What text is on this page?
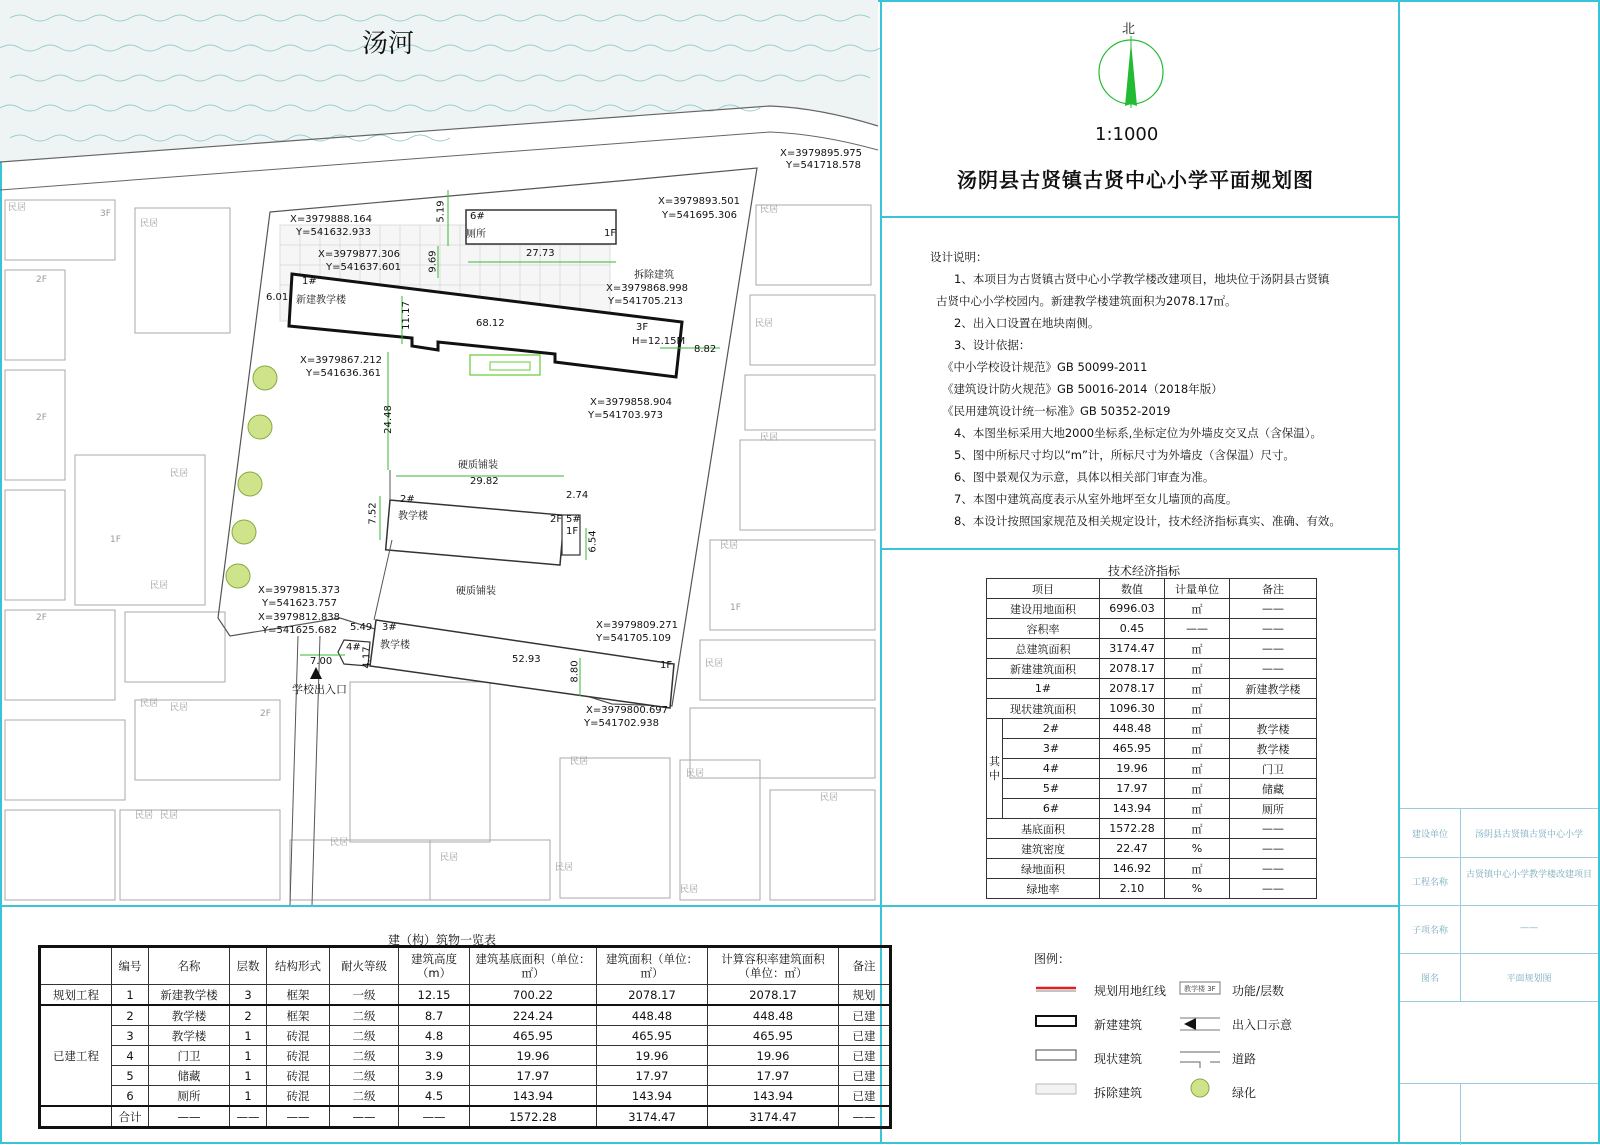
汤河
民居
民居
3F
2F
2F
民居
1F
民居
2F
民居 民居
2F
民居 民居
民居
民居
民居
民居
民居
民居
民居
民居
民居
1F
民居
民居
民居
6#
厕所	1F
1#
新建教学楼
3F
H=12.15M
拆除建筑
硬质铺装
硬质铺装
2#
教学楼	2F 5#
1F
3#
教学楼
1F
4#
学校出入口
5.19
27.73
9.69
6.01
11.17	68.12
8.82
24.48
29.82
2.74
7.52
6.54
5.49
7.00	4.17	52.93
8.80
X=3979895.975
Y=541718.578
X=3979893.501
Y=541695.306
X=3979888.164
Y=541632.933
X=3979877.306
Y=541637.601
X=3979868.998
Y=541705.213
X=3979867.212
Y=541636.361
X=3979858.904
Y=541703.973
X=3979815.373
Y=541623.757
X=3979812.838
Y=541625.682	X=3979809.271
Y=541705.109
X=3979800.697
Y=541702.938
北
1:1000
汤阴县古贤镇古贤中心小学平面规划图
设计说明：
1、本项目为古贤镇古贤中心小学教学楼改建项目，地块位于汤阴县古贤镇
古贤中心小学校园内。新建教学楼建筑面积为2078.17㎡。
2、出入口设置在地块南侧。
3、设计依据：
《中小学校设计规范》GB 50099-2011
《建筑设计防火规范》GB 50016-2014（2018年版）
《民用建筑设计统一标准》GB 50352-2019
4、本图坐标采用大地2000坐标系,坐标定位为外墙皮交叉点（含保温）。
5、图中所标尺寸均以“m”计，所标尺寸为外墙皮（含保温）尺寸。
6、图中景观仅为示意，具体以相关部门审查为准。
7、本图中建筑高度表示从室外地坪至女儿墙顶的高度。
8、本设计按照国家规范及相关规定设计，技术经济指标真实、准确、有效。
技术经济指标
项目		数值	计量单位	备注
建设用地面积		6996.03	㎡	——
容积率		0.45	——	——
总建筑面积		3174.47	㎡	——
新建建筑面积		2078.17	㎡	——
1#		2078.17	㎡	新建教学楼
现状建筑面积		1096.30	㎡	
其中	2#	448.48	㎡	教学楼
	3#	465.95	㎡	教学楼
	4#	19.96	㎡	门卫
	5#	17.97	㎡	储藏
	6#	143.94	㎡	厕所
基底面积		1572.28	㎡	——
建筑密度		22.47	%	——
绿地面积		146.92	㎡	——
绿地率		2.10	%	——
建（构）筑物一览表
	编号	名称	层数	结构形式	耐火等级	建筑高度（m）	建筑基底面积（单位：㎡）	建筑面积（单位：㎡）	计算容积率建筑面积（单位：㎡）	备注
规划工程	1	新建教学楼	3	框架	一级	12.15	700.22	2078.17	2078.17	规划
已建工程	2	教学楼	2	框架	二级	8.7	224.24	448.48	448.48	已建
	3	教学楼	1	砖混	二级	4.8	465.95	465.95	465.95	已建
	4	门卫	1	砖混	二级	3.9	19.96	19.96	19.96	已建
	5	储藏	1	砖混	二级	3.9	17.97	17.97	17.97	已建
	6	厕所	1	砖混	二级	4.5	143.94	143.94	143.94	已建
	合计	——	——	——	——	——	1572.28	3174.47	3174.47	——
图例：
教学楼 3F
规划用地红线
新建建筑
现状建筑
拆除建筑
功能/层数
出入口示意
道路
绿化
建设单位	汤阴县古贤镇古贤中心小学
工程名称
古贤镇中心小学教学楼改建项目
子项名称	——
图名	平面规划图
